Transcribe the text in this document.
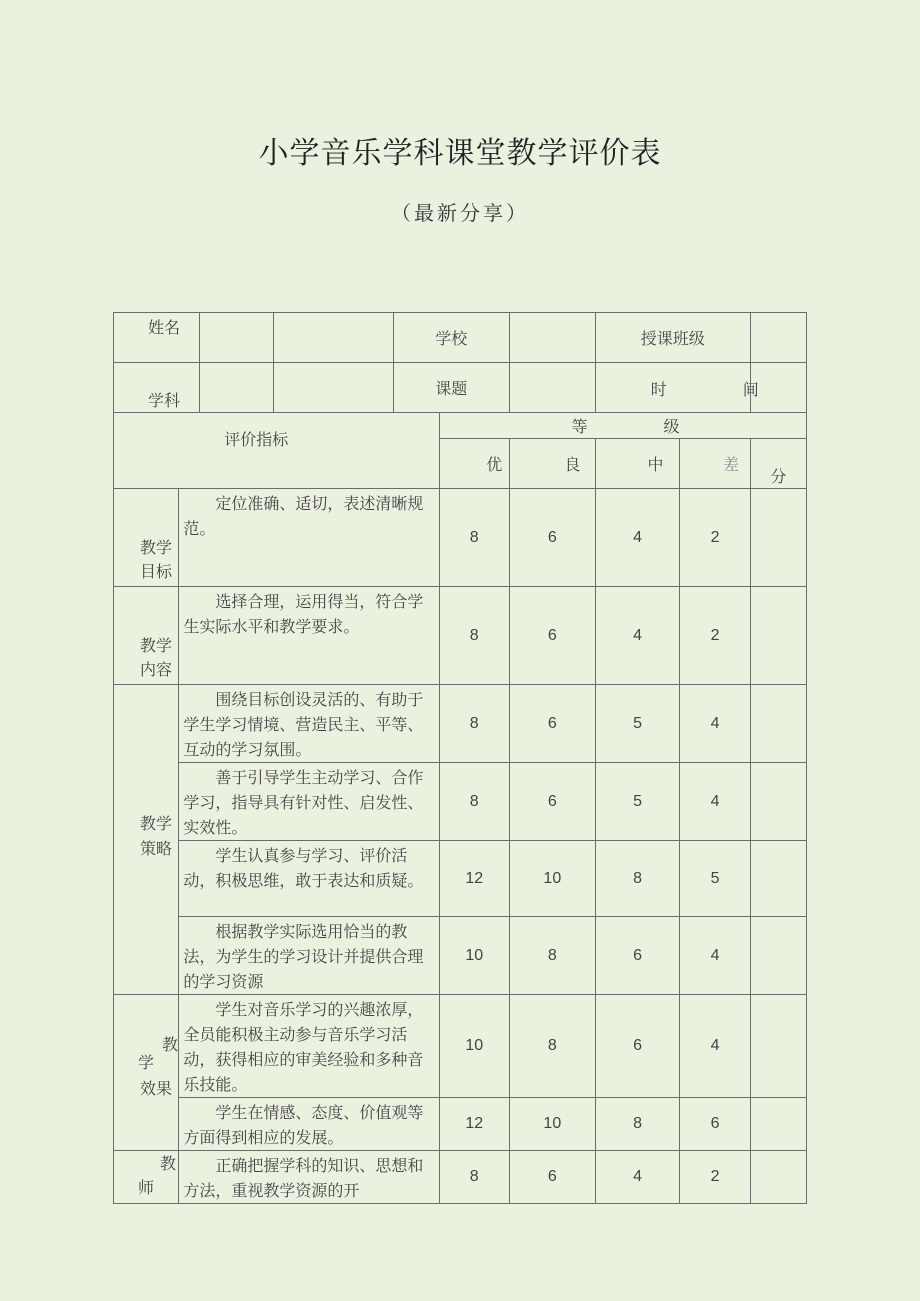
小学音乐学科课堂教学评价表
（最新分享）
姓名			学校			授课班级		

学科			课题			时 间		

评价指标				等 级				

				优	良	中	差	分

教学
目标	定位准确、适切，表述清晰规范。			8	6	4	2	

教学
内容	选择合理，运用得当，符合学生实际水平和教学要求。			8	6	4	2	

教学
策略	围绕目标创设灵活的、有助于学生学习情境、营造民主、平等、互动的学习氛围。			8	6	5	4	
	善于引导学生主动学习、合作学习，指导具有针对性、启发性、实效性。			8	6	5	4	
	学生认真参与学习、评价活动，积极思维，敢于表达和质疑。			12	10	8	5	
	根据教学实际选用恰当的教法，为学生的学习设计并提供合理的学习资源			10	8	6	4	

教
学
效果	学生对音乐学习的兴趣浓厚，全员能积极主动参与音乐学习活动，获得相应的审美经验和多种音乐技能。			10	8	6	4	
	学生在情感、态度、价值观等方面得到相应的发展。			12	10	8	6	

教
师	正确把握学科的知识、思想和方法，重视教学资源的开			8	6	4	2	
